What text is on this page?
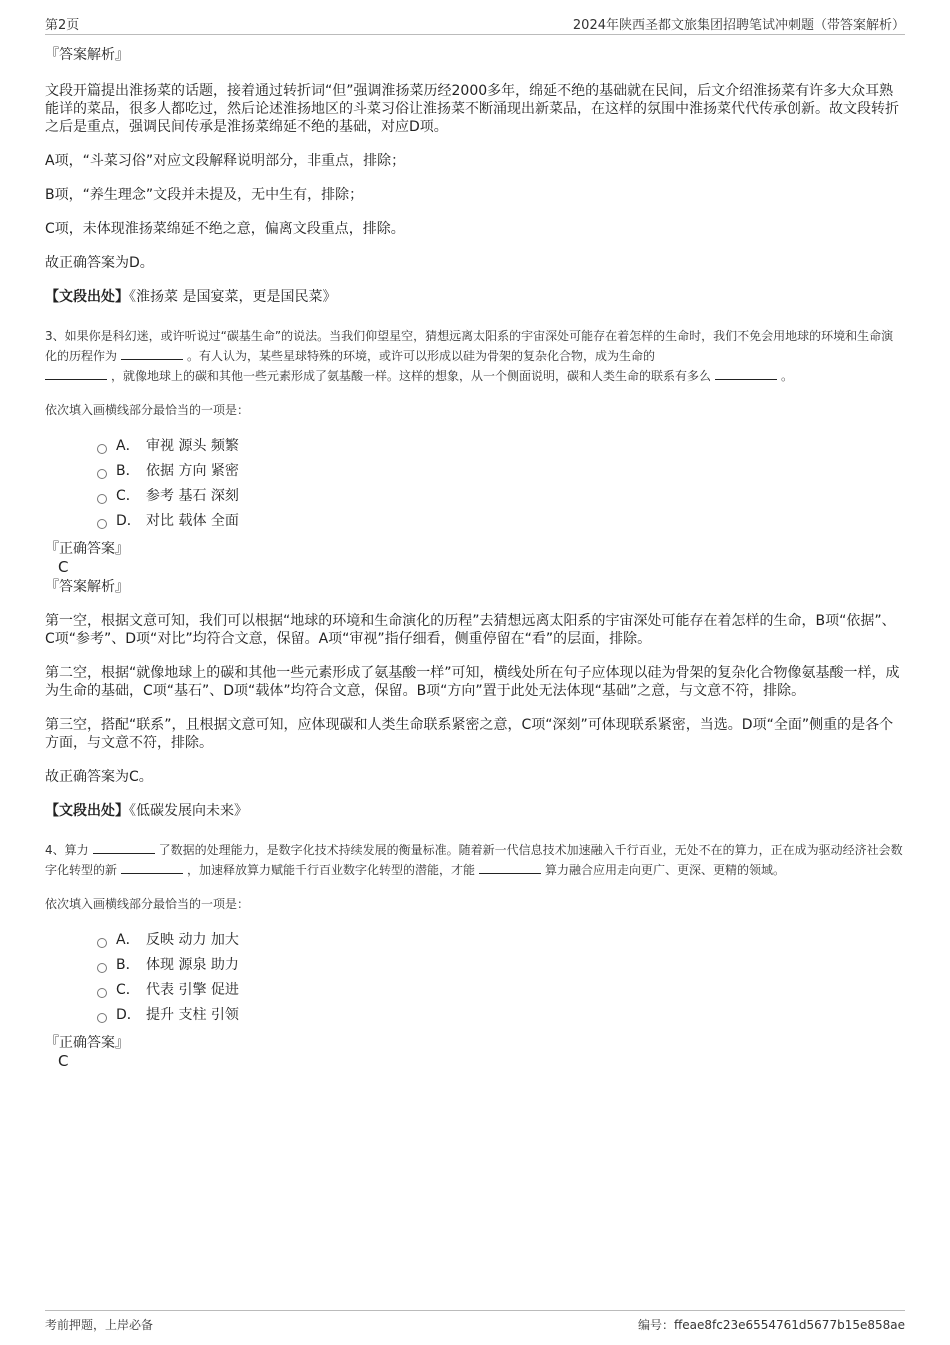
第2页	2024年陕西圣都文旅集团招聘笔试冲刺题（带答案解析）

『答案解析』

文段开篇提出淮扬菜的话题，接着通过转折词“但”强调淮扬菜历经2000多年，绵延不绝的基础就在民间，后文介绍淮扬菜有许多大众耳熟能详的菜品，很多人都吃过，然后论述淮扬地区的斗菜习俗让淮扬菜不断涌现出新菜品，在这样的氛围中淮扬菜代代传承创新。故文段转折之后是重点，强调民间传承是淮扬菜绵延不绝的基础，对应D项。

A项，“斗菜习俗”对应文段解释说明部分，非重点，排除；

B项，“养生理念”文段并未提及，无中生有，排除；

C项，未体现淮扬菜绵延不绝之意，偏离文段重点，排除。

故正确答案为D。

【文段出处】《淮扬菜 是国宴菜，更是国民菜》

3、如果你是科幻迷，或许听说过“碳基生命”的说法。当我们仰望星空，猜想远离太阳系的宇宙深处可能存在着怎样的生命时，我们不免会用地球的环境和生命演化的历程作为	。有人认为，某些星球特殊的环境，或许可以形成以硅为骨架的复杂化合物，成为生命的
，就像地球上的碳和其他一些元素形成了氨基酸一样。这样的想象，从一个侧面说明，碳和人类生命的联系有多么	。

依次填入画横线部分最恰当的一项是：

A． 审视 源头 频繁
B． 依据 方向 紧密
C． 参考 基石 深刻
D． 对比 载体 全面

『正确答案』

C

『答案解析』

第一空，根据文意可知，我们可以根据“地球的环境和生命演化的历程”去猜想远离太阳系的宇宙深处可能存在着怎样的生命，B项“依据”、C项“参考”、D项“对比”均符合文意，保留。A项“审视”指仔细看，侧重停留在“看”的层面，排除。

第二空，根据“就像地球上的碳和其他一些元素形成了氨基酸一样”可知，横线处所在句子应体现以硅为骨架的复杂化合物像氨基酸一样，成为生命的基础，C项“基石”、D项“载体”均符合文意，保留。B项“方向”置于此处无法体现“基础”之意，与文意不符，排除。

第三空，搭配“联系”，且根据文意可知，应体现碳和人类生命联系紧密之意，C项“深刻”可体现联系紧密，当选。D项“全面”侧重的是各个方面，与文意不符，排除。

故正确答案为C。

【文段出处】《低碳发展向未来》

4、算力	了数据的处理能力，是数字化技术持续发展的衡量标准。随着新一代信息技术加速融入千行百业，无处不在的算力，正在成为驱动经济社会数字化转型的新	，加速释放算力赋能千行百业数字化转型的潜能，才能	算力融合应用走向更广、更深、更精的领域。

依次填入画横线部分最恰当的一项是：

A． 反映 动力 加大
B． 体现 源泉 助力
C． 代表 引擎 促进
D． 提升 支柱 引领

『正确答案』

C

考前押题，上岸必备	编号：ffeae8fc23e6554761d5677b15e858ae
